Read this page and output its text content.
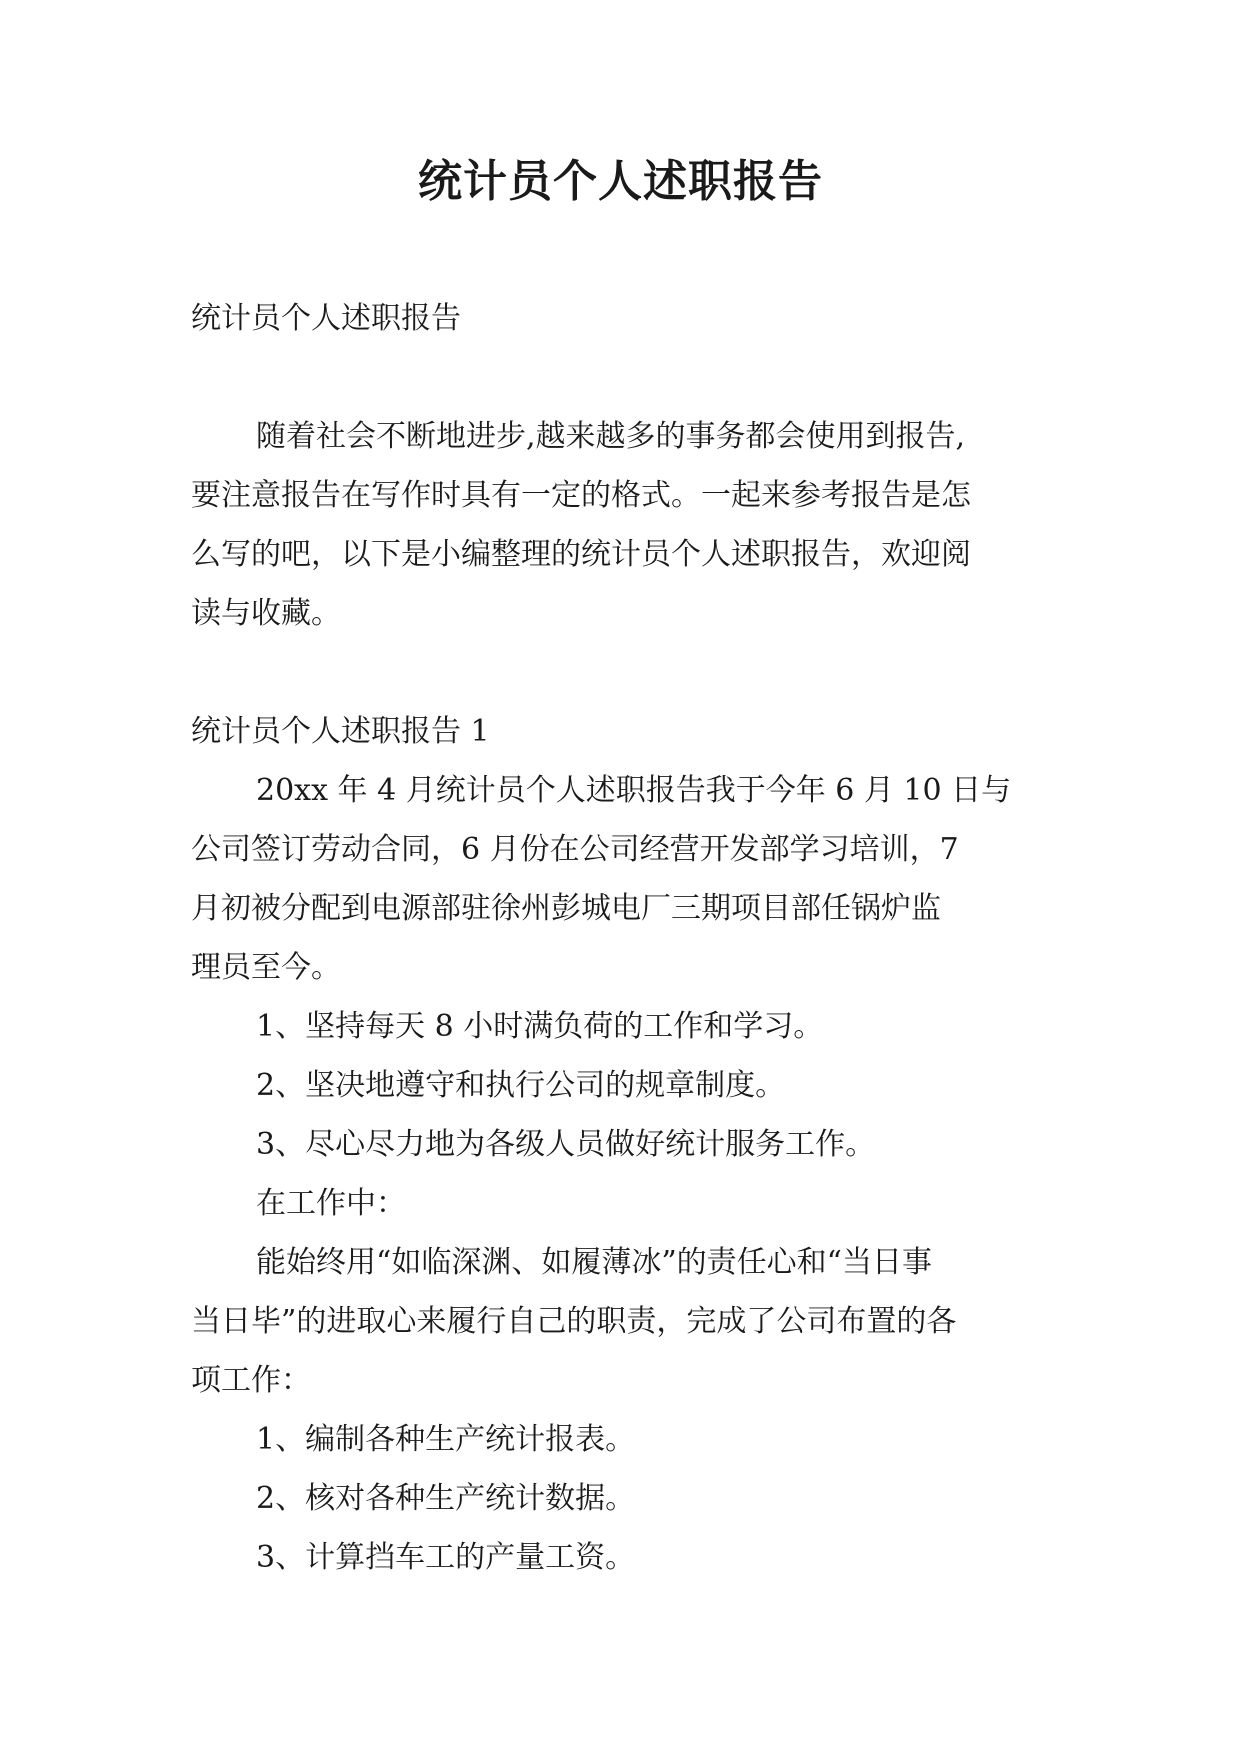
统计员个人述职报告
统计员个人述职报告
随着社会不断地进步,越来越多的事务都会使用到报告,
要注意报告在写作时具有一定的格式。一起来参考报告是怎
么写的吧，以下是小编整理的统计员个人述职报告，欢迎阅
读与收藏。
统计员个人述职报告 1
20xx 年 4 月统计员个人述职报告我于今年 6 月 10 日与
公司签订劳动合同，6 月份在公司经营开发部学习培训，7
月初被分配到电源部驻徐州彭城电厂三期项目部任锅炉监
理员至今。
1、坚持每天 8 小时满负荷的工作和学习。
2、坚决地遵守和执行公司的规章制度。
3、尽心尽力地为各级人员做好统计服务工作。
在工作中：
能始终用“如临深渊、如履薄冰”的责任心和“当日事
当日毕”的进取心来履行自己的职责，完成了公司布置的各
项工作：
1、编制各种生产统计报表。
2、核对各种生产统计数据。
3、计算挡车工的产量工资。
